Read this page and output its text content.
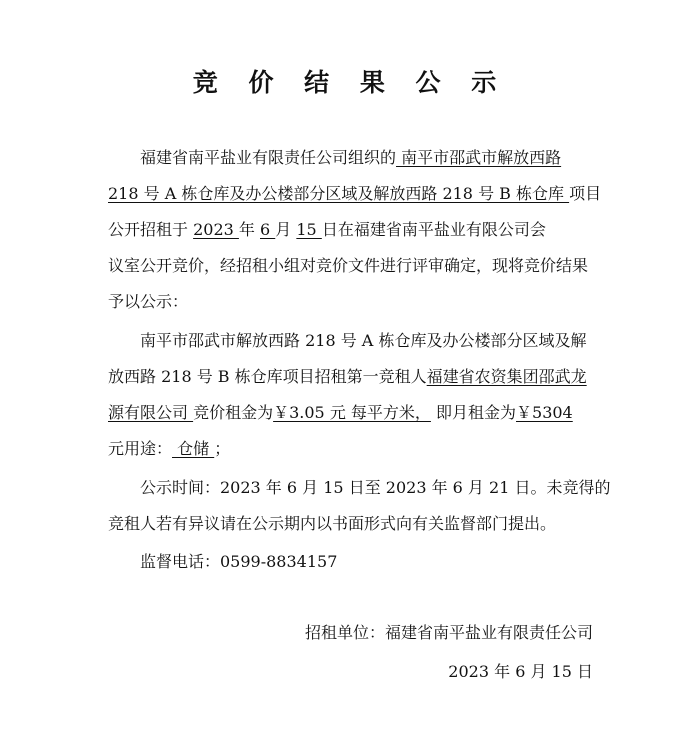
竞 价 结 果 公 示
福建省南平盐业有限责任公司组织的 南平市邵武市解放西路
218 号 A 栋仓库及办公楼部分区域及解放西路 218 号 B 栋仓库 项目
公开招租于 2023 年 6 月 15 日在福建省南平盐业有限公司会
议室公开竞价，经招租小组对竞价文件进行评审确定，现将竞价结果
予以公示：
南平市邵武市解放西路 218 号 A 栋仓库及办公楼部分区域及解
放西路 218 号 B 栋仓库项目招租第一竞租人福建省农资集团邵武龙
源有限公司 竞价租金为￥3.05 元 每平方米， 即月租金为￥5304
元用途： 仓储 ；
公示时间：2023 年 6 月 15 日至 2023 年 6 月 21 日。未竞得的
竞租人若有异议请在公示期内以书面形式向有关监督部门提出。
监督电话：0599-8834157
招租单位：福建省南平盐业有限责任公司
2023 年 6 月 15 日
